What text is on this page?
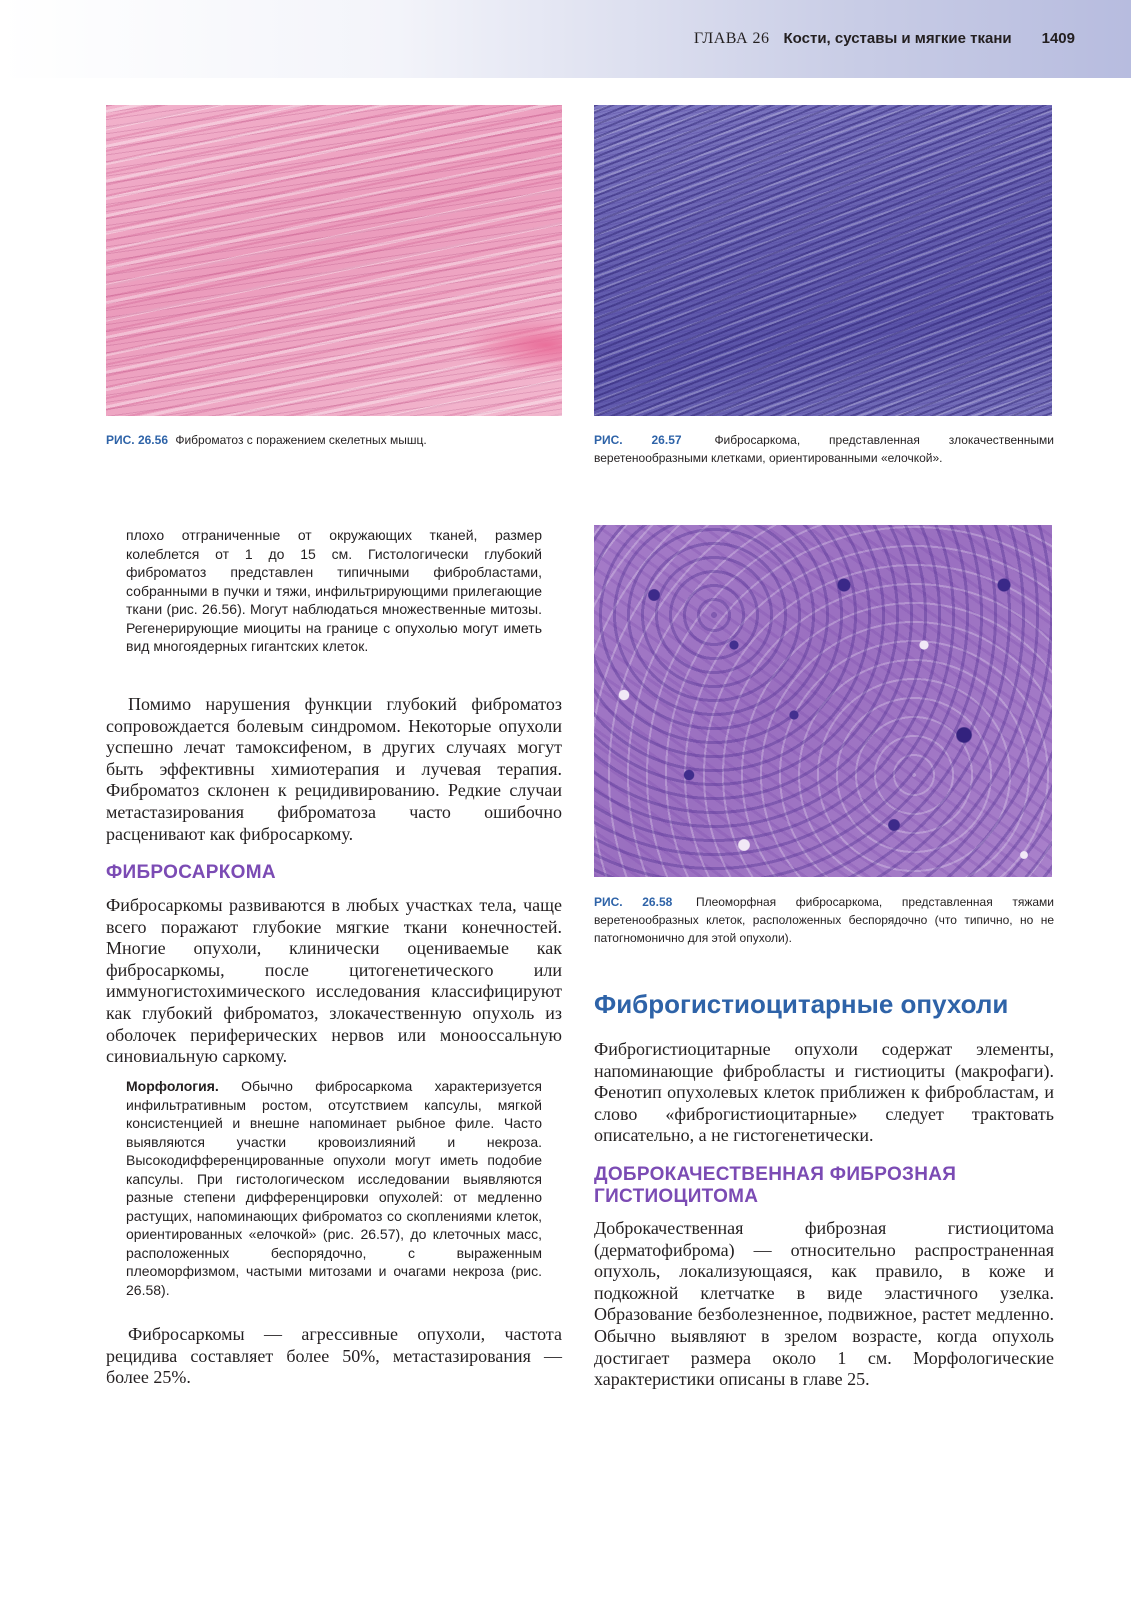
ГЛАВА 26 Кости, суставы и мягкие ткани 1409

РИС. 26.56 Фиброматоз с поражением скелетных мышц.	РИС. 26.57	Фибросаркома, представленная злокачественными веретенообразными клетками, ориентированными «елочкой».

плохо отграниченные от окружающих тканей, размер колеблется от 1 до 15 см. Гистологически глубокий фиброматоз представлен типичными фибробластами, собранными в пучки и тяжи, инфильтрирующими прилегающие ткани (рис. 26.56). Могут наблюдаться множественные митозы. Регенерирующие миоциты на границе с опухолью могут иметь вид многоядерных гигантских клеток.

Помимо нарушения функции глубокий фиброматоз сопровождается болевым синдромом. Некоторые опухоли успешно лечат тамоксифеном, в других случаях могут быть эффективны химиотерапия и лучевая терапия. Фиброматоз склонен к рецидивированию. Редкие случаи метастазирования фиброматоза часто ошибочно расценивают как фибросаркому.

ФИБРОСАРКОМА

Фибросаркомы развиваются в любых участках тела, чаще всего поражают глубокие мягкие ткани конечностей. Многие опухоли, клинически оцениваемые как фибросаркомы, после цитогенетического или иммуногистохимического исследования классифицируют как глубокий фиброматоз, злокачественную опухоль из оболочек периферических нервов или монооссальную синовиальную саркому.

Морфология. Обычно фибросаркома характеризуется инфильтративным ростом, отсутствием капсулы, мягкой консистенцией и внешне напоминает рыбное филе. Часто выявляются участки кровоизлияний и некроза. Высокодифференцированные опухоли могут иметь подобие капсулы. При гистологическом исследовании выявляются разные степени дифференцировки опухолей: от медленно растущих, напоминающих фиброматоз со скоплениями клеток, ориентированных «елочкой» (рис. 26.57), до клеточных масс, расположенных беспорядочно, с выраженным плеоморфизмом, частыми митозами и очагами некроза (рис. 26.58).

Фибросаркомы — агрессивные опухоли, частота рецидива составляет более 50%, метастазирования — более 25%.

РИС. 26.58 Плеоморфная фибросаркома, представленная тяжами веретенообразных клеток, расположенных беспорядочно (что типично, но не патогномонично для этой опухоли).

Фиброгистиоцитарные опухоли

Фиброгистиоцитарные опухоли содержат элементы, напоминающие фибробласты и гистиоциты (макрофаги). Фенотип опухолевых клеток приближен к фибробластам, и слово «фиброгистиоцитарные» следует трактовать описательно, а не гистогенетически.

ДОБРОКАЧЕСТВЕННАЯ ФИБРОЗНАЯ ГИСТИОЦИТОМА

Доброкачественная фиброзная гистиоцитома (дерматофиброма) — относительно распространенная опухоль, локализующаяся, как правило, в коже и подкожной клетчатке в виде эластичного узелка. Образование безболезненное, подвижное, растет медленно. Обычно выявляют в зрелом возрасте, когда опухоль достигает размера около 1 см. Морфологические характеристики описаны в главе 25.
